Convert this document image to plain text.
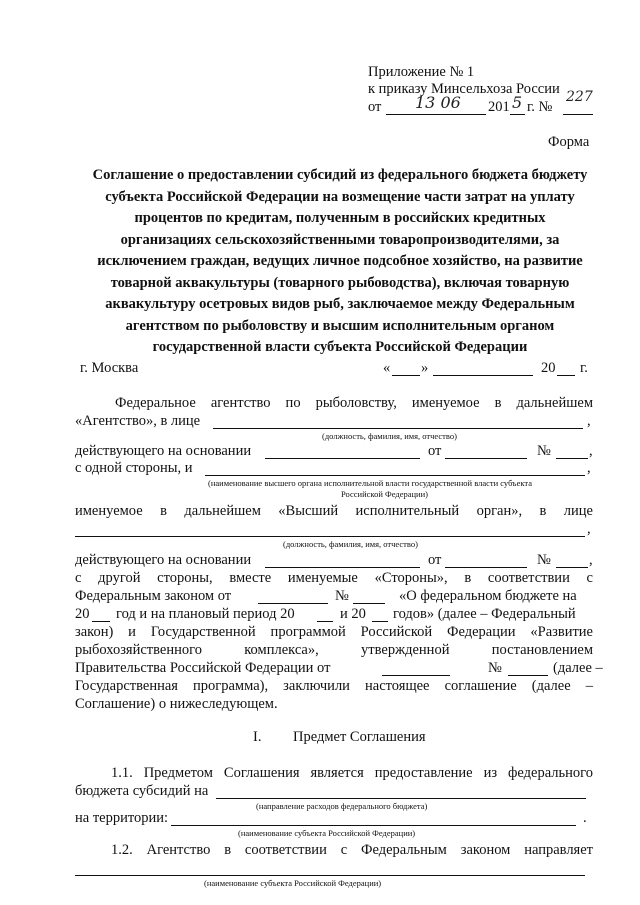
Приложение № 1
к приказу Минсельхоза России
от 13 06 201 5 г. №
227
Форма
Соглашение о предоставлении субсидий из федерального бюджета бюджету
субъекта Российской Федерации на возмещение части затрат на уплату
процентов по кредитам, полученным в российских кредитных
организациях сельскохозяйственными товаропроизводителями, за
исключением граждан, ведущих личное подсобное хозяйство, на развитие
товарной аквакультуры (товарного рыбоводства), включая товарную
аквакультуру осетровых видов рыб, заключаемое между Федеральным
агентством по рыболовству и высшим исполнительным органом
государственной власти субъекта Российской Федерации
г. Москва	« »	20 г.
Федеральное агентство по рыболовству, именуемое в дальнейшем
«Агентство», в лице	,
(должность, фамилия, имя, отчество)
действующего на основании	от	№	,
с одной стороны, и	,
(наименование высшего органа исполнительной власти государственной власти субъекта
Российской Федерации)
именуемое в дальнейшем «Высший исполнительный орган», в лице
,
(должность, фамилия, имя, отчество)
действующего на основании	от	№	,
с другой стороны, вместе именуемые «Стороны», в соответствии с
Федеральным законом от	№	«О федеральном бюджете на
20 год и на плановый период 20	и 20 годов» (далее – Федеральный
закон) и Государственной программой Российской Федерации «Развитие
рыбохозяйственного комплекса», утвержденной постановлением
Правительства Российской Федерации от	№	(далее –
Государственная программа), заключили настоящее соглашение (далее –
Соглашение) о нижеследующем.
I. Предмет Соглашения
1.1. Предметом Соглашения является предоставление из федерального
бюджета субсидий на
(направление расходов федерального бюджета)
на территории:	.
(наименование субъекта Российской Федерации)
1.2. Агентство в соответствии с Федеральным законом направляет
(наименование субъекта Российской Федерации)
